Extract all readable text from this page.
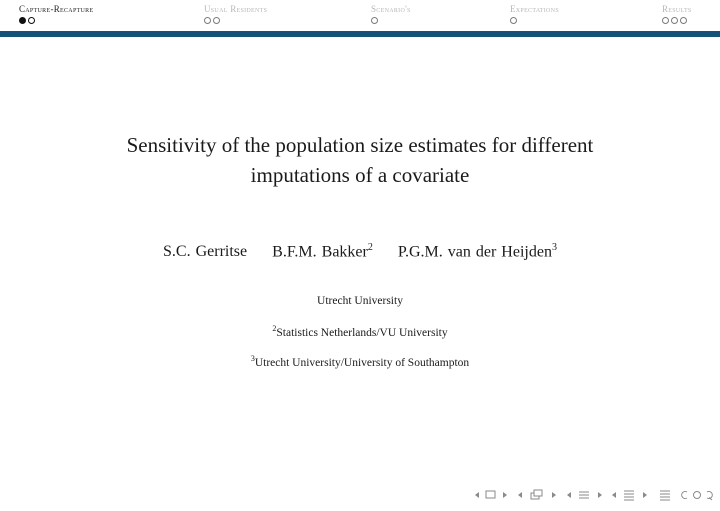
Capture-Recapture	Usual Residents	Scenario's	Expectations	Results
Sensitivity of the population size estimates for different
imputations of a covariate
S.C. Gerritse B.F.M. Bakker$^2$ P.G.M. van der Heijden$^3$
Utrecht University
$^2$Statistics Netherlands/VU University
$^3$Utrecht University/University of Southampton
